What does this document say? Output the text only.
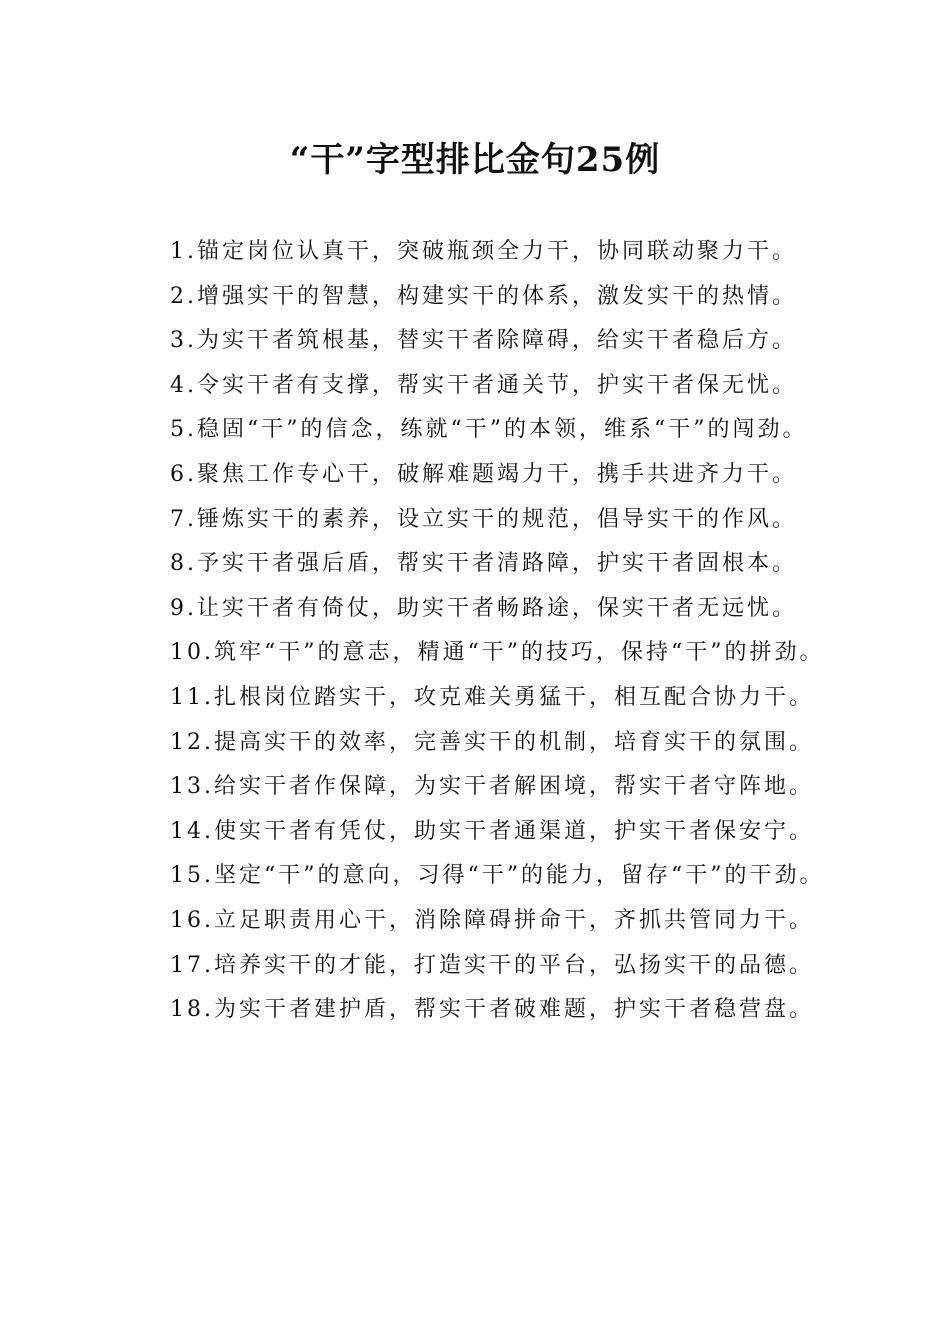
“干”字型排比金句25例

1.锚定岗位认真干，突破瓶颈全力干，协同联动聚力干。

2.增强实干的智慧，构建实干的体系，激发实干的热情。

3.为实干者筑根基，替实干者除障碍，给实干者稳后方。

4.令实干者有支撑，帮实干者通关节，护实干者保无忧。

5.稳固“干”的信念，练就“干”的本领，维系“干”的闯劲。

6.聚焦工作专心干，破解难题竭力干，携手共进齐力干。

7.锤炼实干的素养，设立实干的规范，倡导实干的作风。

8.予实干者强后盾，帮实干者清路障，护实干者固根本。

9.让实干者有倚仗，助实干者畅路途，保实干者无远忧。

10.筑牢“干”的意志，精通“干”的技巧，保持“干”的拼劲。

11.扎根岗位踏实干，攻克难关勇猛干，相互配合协力干。

12.提高实干的效率，完善实干的机制，培育实干的氛围。

13.给实干者作保障，为实干者解困境，帮实干者守阵地。

14.使实干者有凭仗，助实干者通渠道，护实干者保安宁。

15.坚定“干”的意向，习得“干”的能力，留存“干”的干劲。

16.立足职责用心干，消除障碍拼命干，齐抓共管同力干。

17.培养实干的才能，打造实干的平台，弘扬实干的品德。

18.为实干者建护盾，帮实干者破难题，护实干者稳营盘。
